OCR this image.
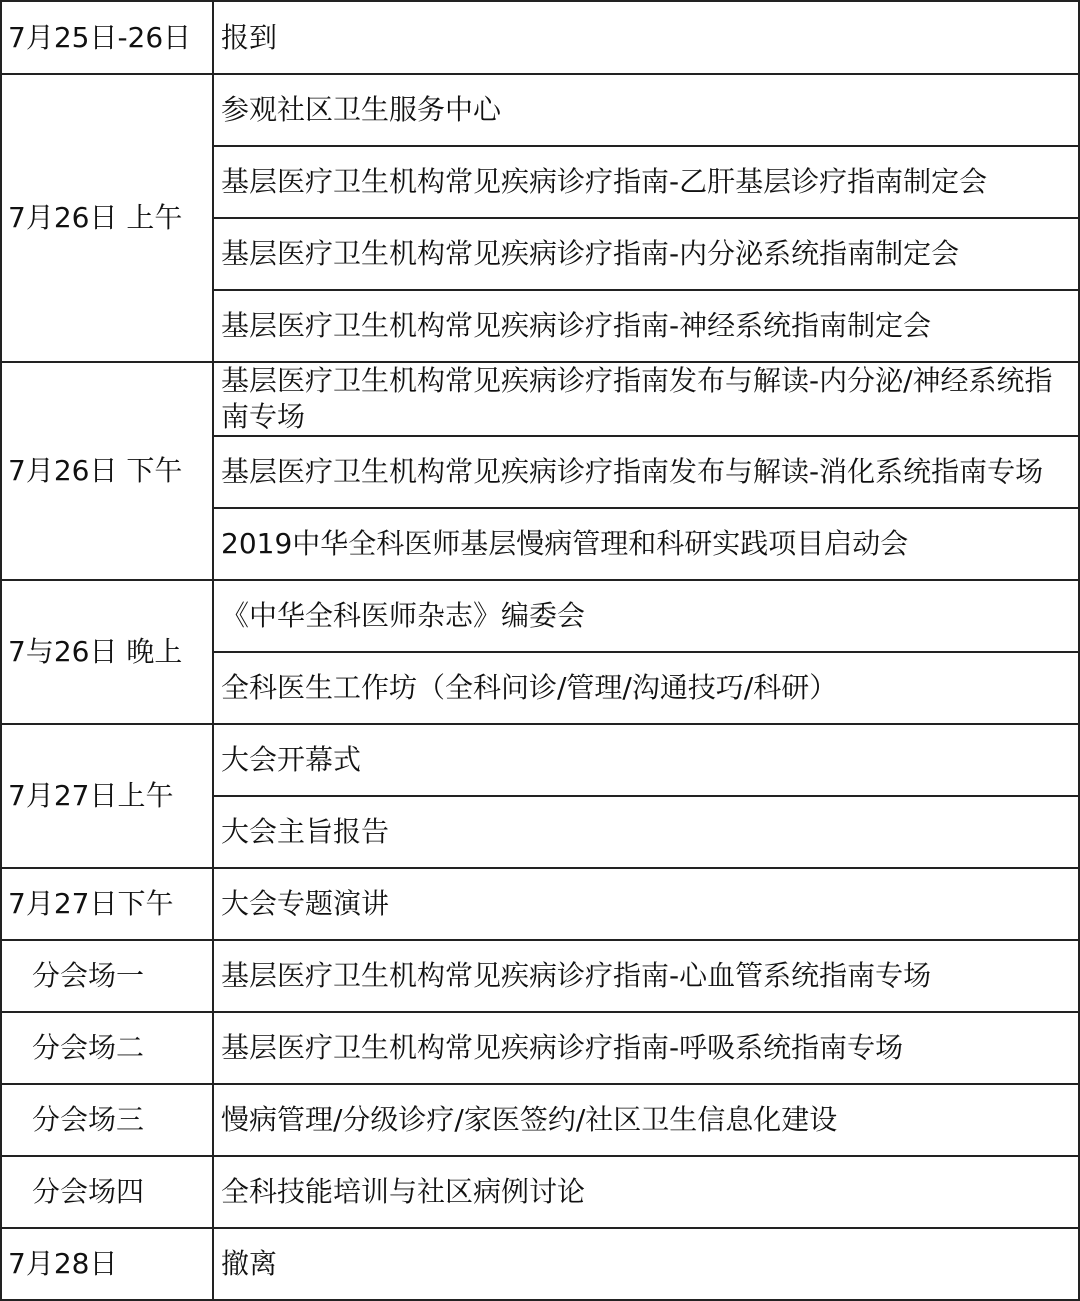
7月25日-26日	报到
7月26日 上午	参观社区卫生服务中心
	基层医疗卫生机构常见疾病诊疗指南-乙肝基层诊疗指南制定会
	基层医疗卫生机构常见疾病诊疗指南-内分泌系统指南制定会
	基层医疗卫生机构常见疾病诊疗指南-神经系统指南制定会
7月26日 下午	基层医疗卫生机构常见疾病诊疗指南发布与解读-内分泌/神经系统指南专场
	基层医疗卫生机构常见疾病诊疗指南发布与解读-消化系统指南专场
	2019中华全科医师基层慢病管理和科研实践项目启动会
7与26日 晚上	《中华全科医师杂志》编委会
	全科医生工作坊（全科问诊/管理/沟通技巧/科研）
7月27日上午	大会开幕式
	大会主旨报告
7月27日下午	大会专题演讲
分会场一	基层医疗卫生机构常见疾病诊疗指南-心血管系统指南专场
分会场二	基层医疗卫生机构常见疾病诊疗指南-呼吸系统指南专场
分会场三	慢病管理/分级诊疗/家医签约/社区卫生信息化建设
分会场四	全科技能培训与社区病例讨论
7月28日	撤离
